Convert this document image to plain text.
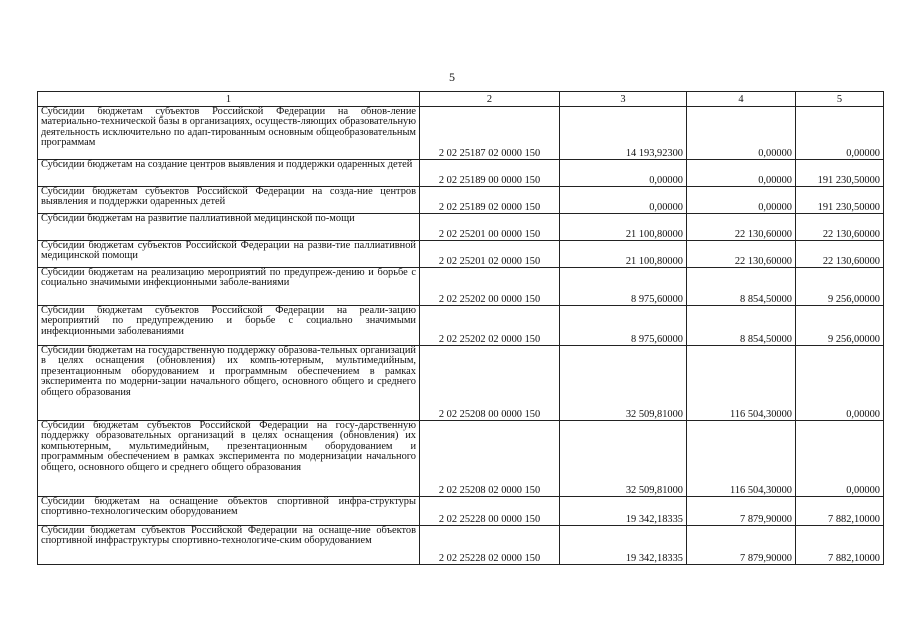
5
1	2	3	4	5

Субсидии бюджетам субъектов Российской Федерации на обнов-ление материально-технической базы в организациях, осуществ-ляющих образовательную деятельность исключительно по адап-тированным основным общеобразовательным программам	2 02 25187 02 0000 150	14 193,92300	0,00000	0,00000

Субсидии бюджетам на создание центров выявления и поддержки одаренных детей	2 02 25189 00 0000 150	0,00000	0,00000	191 230,50000

Субсидии бюджетам субъектов Российской Федерации на созда-ние центров выявления и поддержки одаренных детей	2 02 25189 02 0000 150	0,00000	0,00000	191 230,50000

Субсидии бюджетам на развитие паллиативной медицинской по-мощи	2 02 25201 00 0000 150	21 100,80000	22 130,60000	22 130,60000

Субсидии бюджетам субъектов Российской Федерации на разви-тие паллиативной медицинской помощи	2 02 25201 02 0000 150	21 100,80000	22 130,60000	22 130,60000

Субсидии бюджетам на реализацию мероприятий по предупреж-дению и борьбе с социально значимыми инфекционными заболе-ваниями	2 02 25202 00 0000 150	8 975,60000	8 854,50000	9 256,00000

Субсидии бюджетам субъектов Российской Федерации на реали-зацию мероприятий по предупреждению и борьбе с социально значимыми инфекционными заболеваниями	2 02 25202 02 0000 150	8 975,60000	8 854,50000	9 256,00000

Субсидии бюджетам на государственную поддержку образова-тельных организаций в целях оснащения (обновления) их компь-ютерным, мультимедийным, презентационным оборудованием и программным обеспечением в рамках эксперимента по модерни-зации начального общего, основного общего и среднего общего образования	2 02 25208 00 0000 150	32 509,81000	116 504,30000	0,00000

Субсидии бюджетам субъектов Российской Федерации на госу-дарственную поддержку образовательных организаций в целях оснащения (обновления) их компьютерным, мультимедийным, презентационным оборудованием и программным обеспечением в рамках эксперимента по модернизации начального общего, основного общего и среднего общего образования	2 02 25208 02 0000 150	32 509,81000	116 504,30000	0,00000

Субсидии бюджетам на оснащение объектов спортивной инфра-структуры спортивно-технологическим оборудованием	2 02 25228 00 0000 150	19 342,18335	7 879,90000	7 882,10000

Субсидии бюджетам субъектов Российской Федерации на оснаще-ние объектов спортивной инфраструктуры спортивно-технологиче-ским оборудованием	2 02 25228 02 0000 150	19 342,18335	7 879,90000	7 882,10000
